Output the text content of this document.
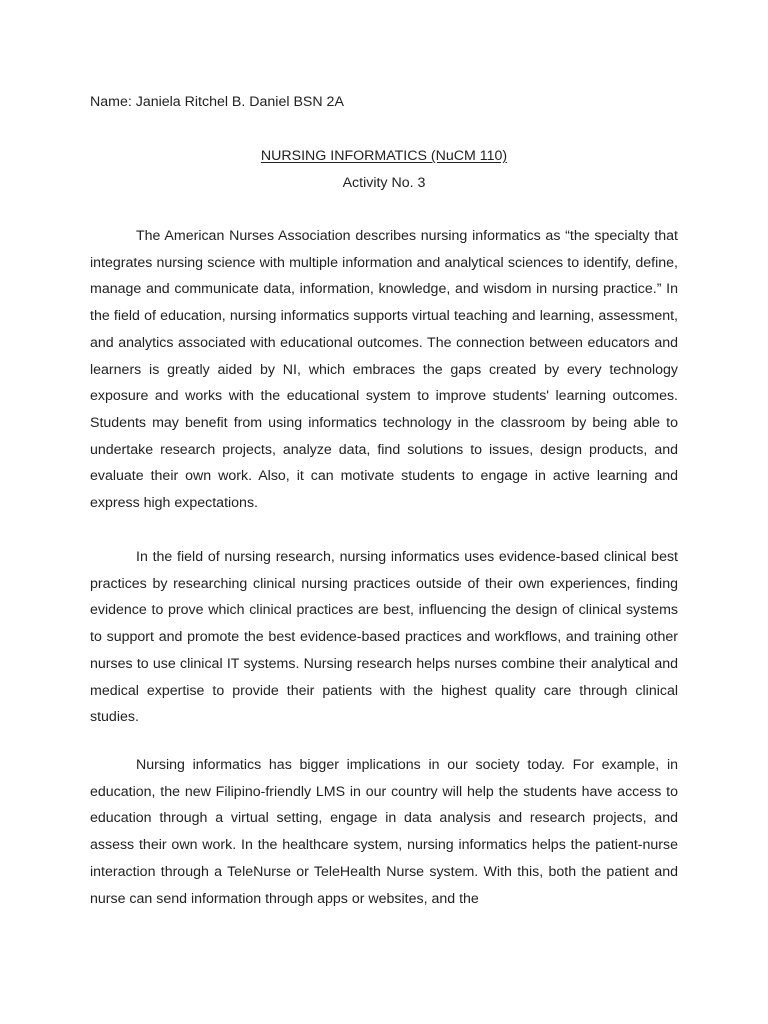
Name: Janiela Ritchel B. Daniel BSN 2A

NURSING INFORMATICS (NuCM 110)

Activity No. 3

The American Nurses Association describes nursing informatics as “the specialty that integrates nursing science with multiple information and analytical sciences to identify, define, manage and communicate data, information, knowledge, and wisdom in nursing practice.” In the field of education, nursing informatics supports virtual teaching and learning, assessment, and analytics associated with educational outcomes. The connection between educators and learners is greatly aided by NI, which embraces the gaps created by every technology exposure and works with the educational system to improve students' learning outcomes. Students may benefit from using informatics technology in the classroom by being able to undertake research projects, analyze data, find solutions to issues, design products, and evaluate their own work. Also, it can motivate students to engage in active learning and express high expectations.

In the field of nursing research, nursing informatics uses evidence-based clinical best practices by researching clinical nursing practices outside of their own experiences, finding evidence to prove which clinical practices are best, influencing the design of clinical systems to support and promote the best evidence-based practices and workflows, and training other nurses to use clinical IT systems. Nursing research helps nurses combine their analytical and medical expertise to provide their patients with the highest quality care through clinical studies.

Nursing informatics has bigger implications in our society today. For example, in education, the new Filipino-friendly LMS in our country will help the students have access to education through a virtual setting, engage in data analysis and research projects, and assess their own work. In the healthcare system, nursing informatics helps the patient-nurse interaction through a TeleNurse or TeleHealth Nurse system. With this, both the patient and nurse can send information through apps or websites, and the
